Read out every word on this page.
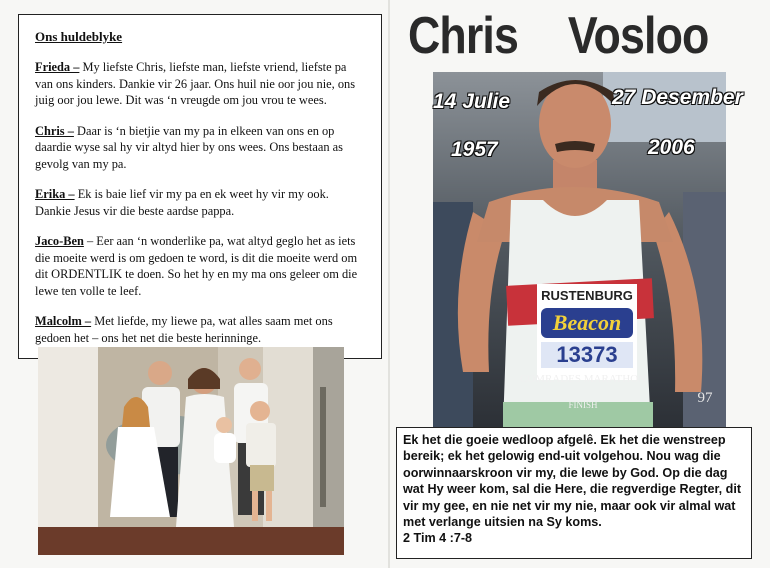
Ons huldeblyke

Frieda – My liefste Chris, liefste man, liefste vriend, liefste pa van ons kinders. Dankie vir 26 jaar. Ons huil nie oor jou nie, ons juig oor jou lewe. Dit was ‘n vreugde om jou vrou te wees.

Chris – Daar is ‘n bietjie van my pa in elkeen van ons en op daardie wyse sal hy vir altyd hier by ons wees. Ons bestaan as gevolg van my pa.

Erika – Ek is baie lief vir my pa en ek weet hy vir my ook. Dankie Jesus vir die beste aardse pappa.

Jaco-Ben – Eer aan ‘n wonderlike pa, wat altyd geglo het as iets die moeite werd is om gedoen te word, is dit die moeite werd om dit ORDENTLIK te doen. So het hy en my ma ons geleer om die lewe ten volle te leef.

Malcolm – Met liefde, my liewe pa, wat alles saam met ons gedoen het – ons het net die beste herinninge.

Chris Vosloo
RUSTENBURG
Beacon
13373
COMRADES MARATHON
FINISH	97
14 Julie
1957
27 Desember
2006
Ek het die goeie wedloop afgelê. Ek het die wenstreep bereik; ek het gelowig end-uit volgehou. Nou wag die oorwinnaarskroon vir my, die lewe by God. Op die dag wat Hy weer kom, sal die Here, die regverdige Regter, dit vir my gee, en nie net vir my nie, maar ook vir almal wat met verlange uitsien na Sy koms.
2 Tim 4 :7-8
